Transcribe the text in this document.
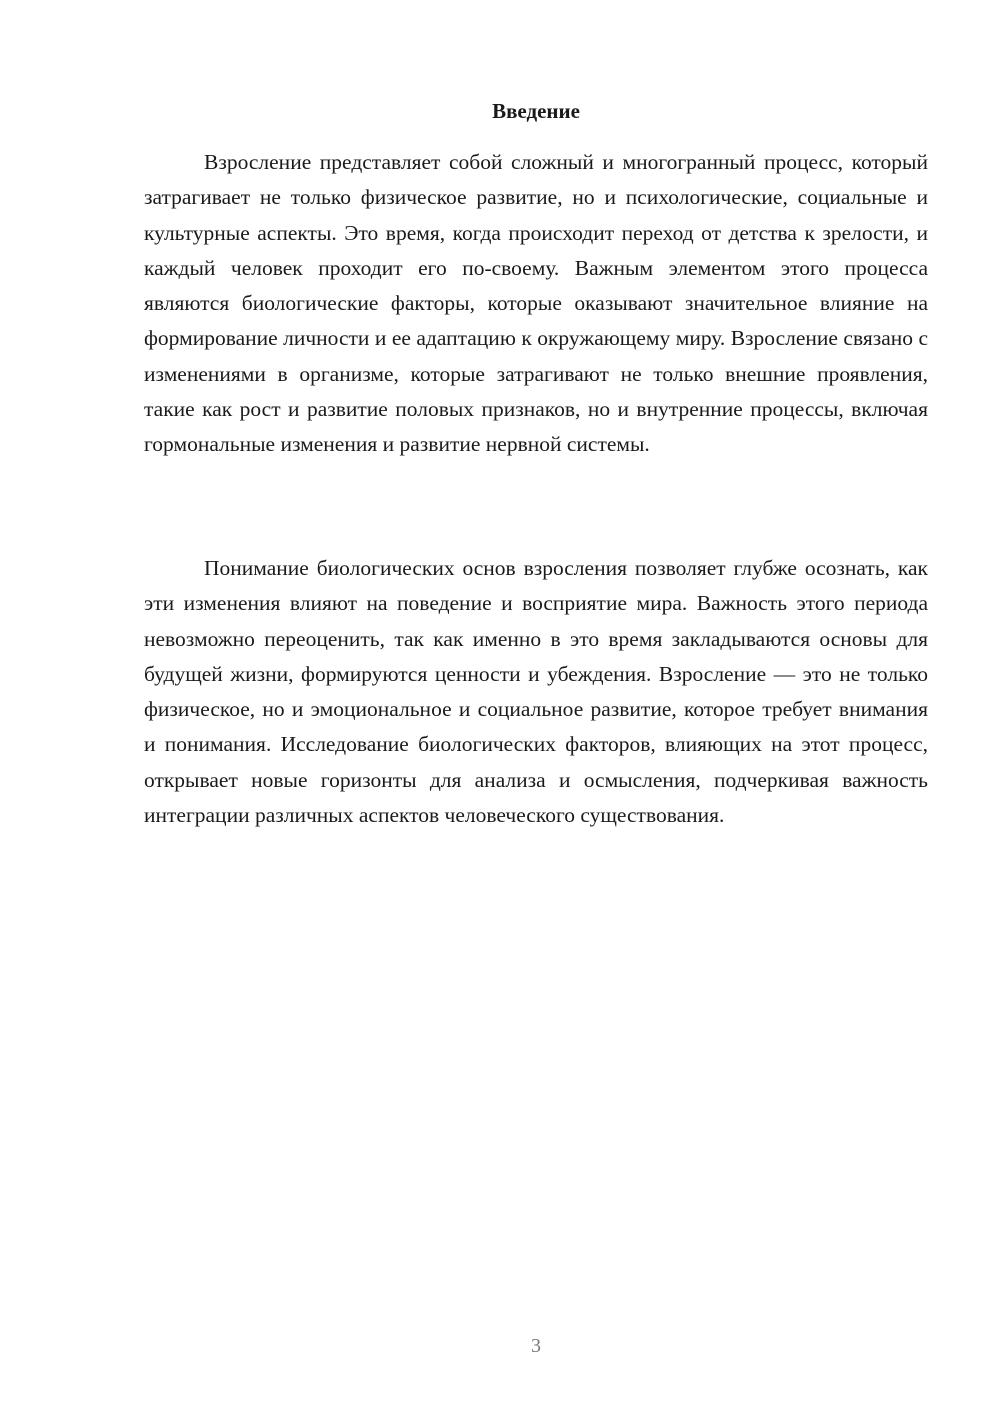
Введение

Взросление представляет собой сложный и многогранный процесс, который затрагивает не только физическое развитие, но и психологические, социальные и культурные аспекты. Это время, когда происходит переход от детства к зрелости, и каждый человек проходит его по-своему. Важным элементом этого процесса являются биологические факторы, которые оказывают значительное влияние на формирование личности и ее адаптацию к окружающему миру. Взросление связано с изменениями в организме, которые затрагивают не только внешние проявления, такие как рост и развитие половых признаков, но и внутренние процессы, включая гормональные изменения и развитие нервной системы.

Понимание биологических основ взросления позволяет глубже осознать, как эти изменения влияют на поведение и восприятие мира. Важность этого периода невозможно переоценить, так как именно в это время закладываются основы для будущей жизни, формируются ценности и убеждения. Взросление — это не только физическое, но и эмоциональное и социальное развитие, которое требует внимания и понимания. Исследование биологических факторов, влияющих на этот процесс, открывает новые горизонты для анализа и осмысления, подчеркивая важность интеграции различных аспектов человеческого существования.

3
